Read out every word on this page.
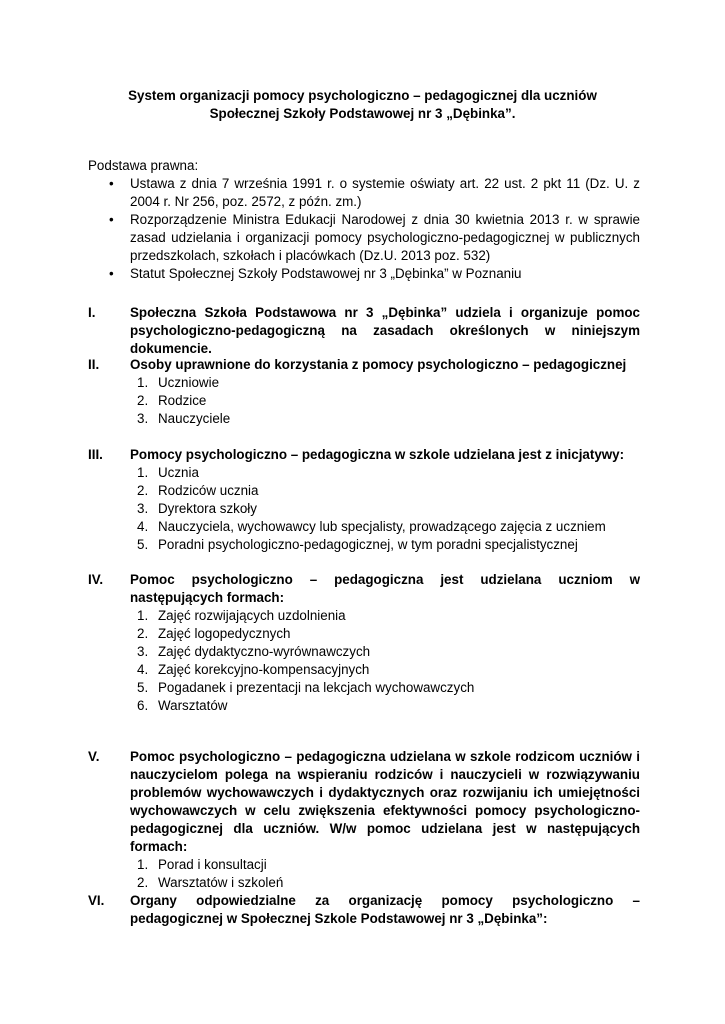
System organizacji pomocy psychologiczno – pedagogicznej dla uczniów
Społecznej Szkoły Podstawowej nr 3 „Dębinka”.
Podstawa prawna:
• Ustawa z dnia 7 września 1991 r. o systemie oświaty art. 22 ust. 2 pkt 11 (Dz. U. z 2004 r. Nr 256, poz. 2572, z późn. zm.)
• Rozporządzenie Ministra Edukacji Narodowej z dnia 30 kwietnia 2013 r. w sprawie zasad udzielania i organizacji pomocy psychologiczno-pedagogicznej w publicznych przedszkolach, szkołach i placówkach (Dz.U. 2013 poz. 532)
• Statut Społecznej Szkoły Podstawowej nr 3 „Dębinka” w Poznaniu
I.	Społeczna Szkoła Podstawowa nr 3 „Dębinka” udziela i organizuje pomoc psychologiczno-pedagogiczną na zasadach określonych w niniejszym dokumencie.
II. Osoby uprawnione do korzystania z pomocy psychologiczno – pedagogicznej
1. Uczniowie
2. Rodzice
3. Nauczyciele
III. Pomocy psychologiczno – pedagogiczna w szkole udzielana jest z inicjatywy:
1. Ucznia
2. Rodziców ucznia
3. Dyrektora szkoły
4. Nauczyciela, wychowawcy lub specjalisty, prowadzącego zajęcia z uczniem
5. Poradni psychologiczno-pedagogicznej, w tym poradni specjalistycznej
IV. Pomoc psychologiczno – pedagogiczna jest udzielana uczniom w następujących formach:
1. Zajęć rozwijających uzdolnienia
2. Zajęć logopedycznych
3. Zajęć dydaktyczno-wyrównawczych
4. Zajęć korekcyjno-kompensacyjnych
5. Pogadanek i prezentacji na lekcjach wychowawczych
6. Warsztatów
V. Pomoc psychologiczno – pedagogiczna udzielana w szkole rodzicom uczniów i nauczycielom polega na wspieraniu rodziców i nauczycieli w rozwiązywaniu problemów wychowawczych i dydaktycznych oraz rozwijaniu ich umiejętności wychowawczych w celu zwiększenia efektywności pomocy psychologiczno-pedagogicznej dla uczniów. W/w pomoc udzielana jest w następujących formach:
1. Porad i konsultacji
2. Warsztatów i szkoleń
VI. Organy odpowiedzialne za organizację pomocy psychologiczno – pedagogicznej w Społecznej Szkole Podstawowej nr 3 „Dębinka”:
